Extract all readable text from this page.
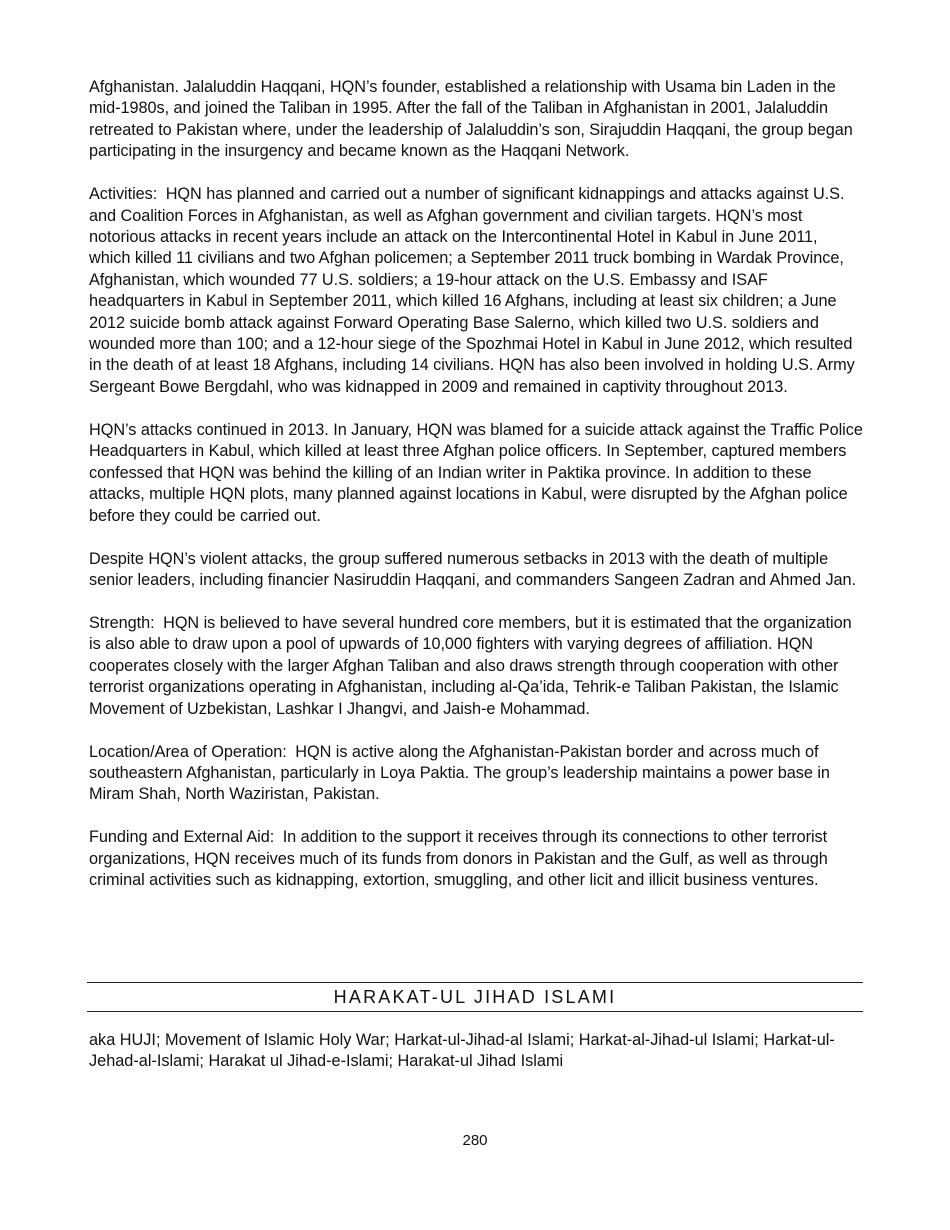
Afghanistan. Jalaluddin Haqqani, HQN’s founder, established a relationship with Usama bin Laden in the mid-1980s, and joined the Taliban in 1995. After the fall of the Taliban in Afghanistan in 2001, Jalaluddin retreated to Pakistan where, under the leadership of Jalaluddin’s son, Sirajuddin Haqqani, the group began participating in the insurgency and became known as the Haqqani Network.

Activities: HQN has planned and carried out a number of significant kidnappings and attacks against U.S. and Coalition Forces in Afghanistan, as well as Afghan government and civilian targets. HQN’s most notorious attacks in recent years include an attack on the Intercontinental Hotel in Kabul in June 2011, which killed 11 civilians and two Afghan policemen; a September 2011 truck bombing in Wardak Province, Afghanistan, which wounded 77 U.S. soldiers; a 19-hour attack on the U.S. Embassy and ISAF headquarters in Kabul in September 2011, which killed 16 Afghans, including at least six children; a June 2012 suicide bomb attack against Forward Operating Base Salerno, which killed two U.S. soldiers and wounded more than 100; and a 12-hour siege of the Spozhmai Hotel in Kabul in June 2012, which resulted in the death of at least 18 Afghans, including 14 civilians. HQN has also been involved in holding U.S. Army Sergeant Bowe Bergdahl, who was kidnapped in 2009 and remained in captivity throughout 2013.

HQN’s attacks continued in 2013. In January, HQN was blamed for a suicide attack against the Traffic Police Headquarters in Kabul, which killed at least three Afghan police officers. In September, captured members confessed that HQN was behind the killing of an Indian writer in Paktika province. In addition to these attacks, multiple HQN plots, many planned against locations in Kabul, were disrupted by the Afghan police before they could be carried out.

Despite HQN’s violent attacks, the group suffered numerous setbacks in 2013 with the death of multiple senior leaders, including financier Nasiruddin Haqqani, and commanders Sangeen Zadran and Ahmed Jan.

Strength: HQN is believed to have several hundred core members, but it is estimated that the organization is also able to draw upon a pool of upwards of 10,000 fighters with varying degrees of affiliation. HQN cooperates closely with the larger Afghan Taliban and also draws strength through cooperation with other terrorist organizations operating in Afghanistan, including al-Qa’ida, Tehrik-e Taliban Pakistan, the Islamic Movement of Uzbekistan, Lashkar I Jhangvi, and Jaish-e Mohammad.

Location/Area of Operation: HQN is active along the Afghanistan-Pakistan border and across much of southeastern Afghanistan, particularly in Loya Paktia. The group’s leadership maintains a power base in Miram Shah, North Waziristan, Pakistan.

Funding and External Aid: In addition to the support it receives through its connections to other terrorist organizations, HQN receives much of its funds from donors in Pakistan and the Gulf, as well as through criminal activities such as kidnapping, extortion, smuggling, and other licit and illicit business ventures.

HARAKAT-UL JIHAD ISLAMI

aka HUJI; Movement of Islamic Holy War; Harkat-ul-Jihad-al Islami; Harkat-al-Jihad-ul Islami; Harkat-ul-Jehad-al-Islami; Harakat ul Jihad-e-Islami; Harakat-ul Jihad Islami

280
